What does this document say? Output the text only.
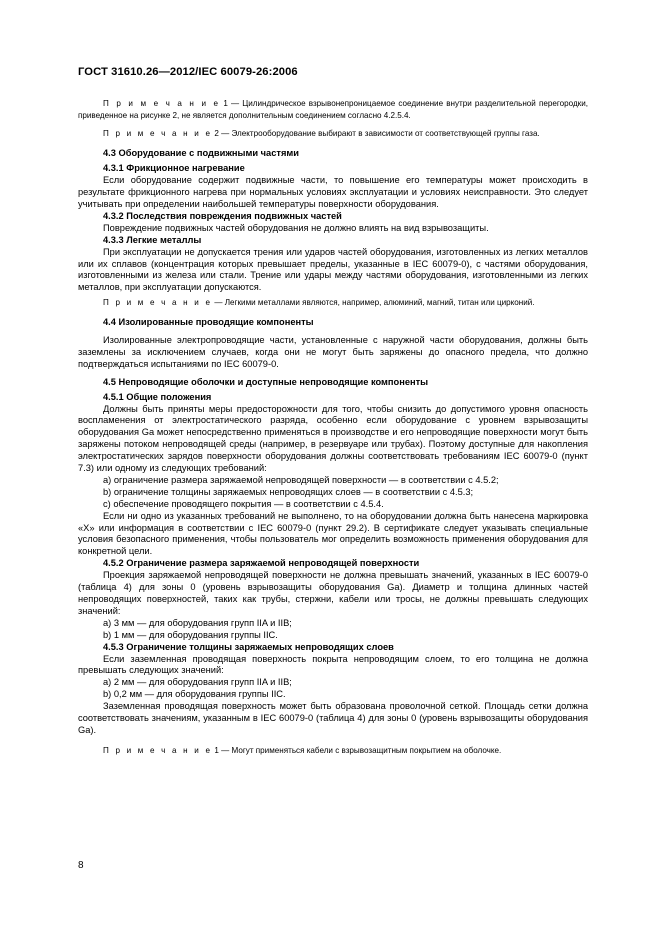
ГОСТ 31610.26—2012/IEC 60079-26:2006

П р и м е ч а н и е 1 — Цилиндрическое взрывонепроницаемое соединение внутри разделительной перегородки, приведенное на рисунке 2, не является дополнительным соединением согласно 4.2.5.4.

П р и м е ч а н и е 2 — Электрооборудование выбирают в зависимости от соответствующей группы газа.

4.3 Оборудование с подвижными частями

4.3.1 Фрикционное нагревание

Если оборудование содержит подвижные части, то повышение его температуры может происходить в результате фрикционного нагрева при нормальных условиях эксплуатации и условиях неисправности. Это следует учитывать при определении наибольшей температуры поверхности оборудования.

4.3.2 Последствия повреждения подвижных частей

Повреждение подвижных частей оборудования не должно влиять на вид взрывозащиты.

4.3.3 Легкие металлы

При эксплуатации не допускается трения или ударов частей оборудования, изготовленных из легких металлов или их сплавов (концентрация которых превышает пределы, указанные в IEC 60079-0), с частями оборудования, изготовленными из железа или стали. Трение или удары между частями оборудования, изготовленными из легких металлов, при эксплуатации допускаются.

П р и м е ч а н и е — Легкими металлами являются, например, алюминий, магний, титан или цирконий.

4.4 Изолированные проводящие компоненты

Изолированные электропроводящие части, установленные с наружной части оборудования, должны быть заземлены за исключением случаев, когда они не могут быть заряжены до опасного предела, что должно подтверждаться испытаниями по IEC 60079-0.

4.5 Непроводящие оболочки и доступные непроводящие компоненты

4.5.1 Общие положения

Должны быть приняты меры предосторожности для того, чтобы снизить до допустимого уровня опасность воспламенения от электростатического разряда, особенно если оборудование с уровнем взрывозащиты оборудования Ga может непосредственно применяться в производстве и его непроводящие поверхности могут быть заряжены потоком непроводящей среды (например, в резервуаре или трубах). Поэтому доступные для накопления электростатических зарядов поверхности оборудования должны соответствовать требованиям IEC 60079-0 (пункт 7.3) или одному из следующих требований:

a) ограничение размера заряжаемой непроводящей поверхности — в соответствии с 4.5.2;

b) ограничение толщины заряжаемых непроводящих слоев — в соответствии с 4.5.3;

c) обеспечение проводящего покрытия — в соответствии с 4.5.4.

Если ни одно из указанных требований не выполнено, то на оборудовании должна быть нанесена маркировка «X» или информация в соответствии с IEC 60079-0 (пункт 29.2). В сертификате следует указывать специальные условия безопасного применения, чтобы пользователь мог определить возможность применения оборудования для конкретной цели.

4.5.2 Ограничение размера заряжаемой непроводящей поверхности

Проекция заряжаемой непроводящей поверхности не должна превышать значений, указанных в IEC 60079-0 (таблица 4) для зоны 0 (уровень взрывозащиты оборудования Ga). Диаметр и толщина длинных частей непроводящих поверхностей, таких как трубы, стержни, кабели или тросы, не должны превышать следующих значений:

a) 3 мм — для оборудования групп IIA и IIB;

b) 1 мм — для оборудования группы IIC.

4.5.3 Ограничение толщины заряжаемых непроводящих слоев

Если заземленная проводящая поверхность покрыта непроводящим слоем, то его толщина не должна превышать следующих значений:

a) 2 мм — для оборудования групп IIA и IIB;

b) 0,2 мм — для оборудования группы IIC.

Заземленная проводящая поверхность может быть образована проволочной сеткой. Площадь сетки должна соответствовать значениям, указанным в IEC 60079-0 (таблица 4) для зоны 0 (уровень взрывозащиты оборудования Ga).

П р и м е ч а н и е 1 — Могут применяться кабели с взрывозащитным покрытием на оболочке.

8
